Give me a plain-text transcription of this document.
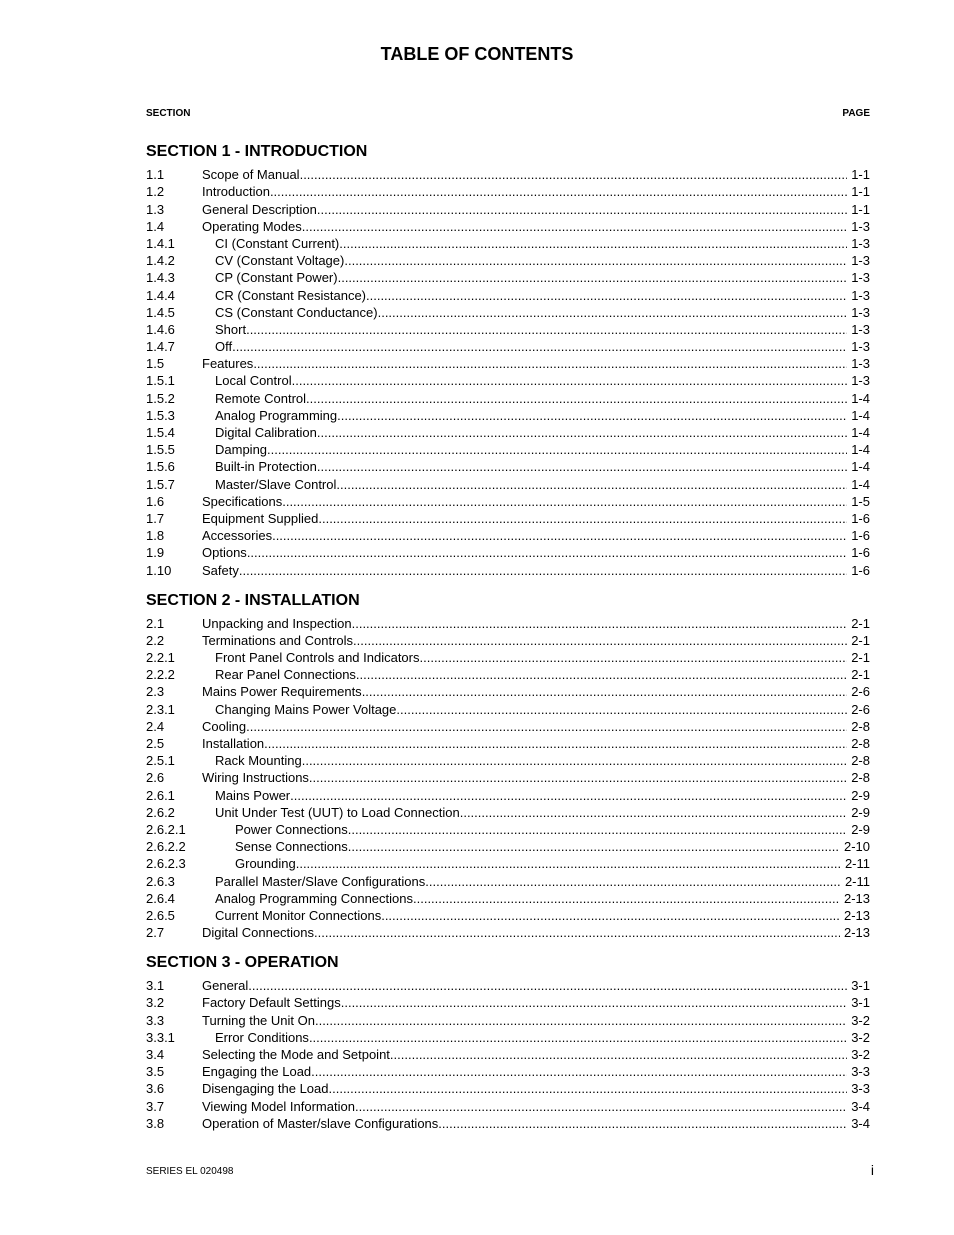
TABLE OF CONTENTS
SECTION	PAGE
SECTION 1 - INTRODUCTION
1.1	Scope of Manual .....	1-1
1.2	Introduction .....	1-1
1.3	General Description .....	1-1
1.4	Operating Modes .....	1-3
1.4.1	CI (Constant Current). .....	1-3
1.4.2	CV (Constant Voltage) .....	1-3
1.4.3	CP (Constant Power) .....	1-3
1.4.4	CR (Constant Resistance) .....	1-3
1.4.5	CS (Constant Conductance) .....	1-3
1.4.6	Short .....	1-3
1.4.7	Off .....	1-3
1.5	Features .....	1-3
1.5.1	Local Control .....	1-3
1.5.2	Remote Control .....	1-4
1.5.3	Analog Programming .....	1-4
1.5.4	Digital Calibration .....	1-4
1.5.5	Damping .....	1-4
1.5.6	Built-in Protection .....	1-4
1.5.7	Master/Slave Control .....	1-4
1.6	Specifications .....	1-5
1.7	Equipment Supplied .....	1-6
1.8	Accessories .....	1-6
1.9	Options .....	1-6
1.10	Safety .....	1-6
SECTION 2 - INSTALLATION
2.1	Unpacking and Inspection .....	2-1
2.2	Terminations and Controls .....	2-1
2.2.1	Front Panel Controls and Indicators. .....	2-1
2.2.2	Rear Panel Connections. .....	2-1
2.3	Mains Power Requirements .....	2-6
2.3.1	Changing Mains Power Voltage .....	2-6
2.4	Cooling .....	2-8
2.5	Installation .....	2-8
2.5.1	Rack Mounting .....	2-8
2.6	Wiring Instructions .....	2-8
2.6.1	Mains Power .....	2-9
2.6.2	Unit Under Test (UUT) to Load Connection .....	2-9
2.6.2.1	Power Connections .....	2-9
2.6.2.2	Sense Connections .....	2-10
2.6.2.3	Grounding .....	2-11
2.6.3	Parallel Master/Slave Configurations .....	2-11
2.6.4	Analog Programming Connections .....	2-13
2.6.5	Current Monitor Connections .....	2-13
2.7	Digital Connections .....	2-13
SECTION 3 - OPERATION
3.1	General .....	3-1
3.2	Factory Default Settings .....	3-1
3.3	Turning the Unit On .....	3-2
3.3.1	Error Conditions .....	3-2
3.4	Selecting the Mode and Setpoint .....	3-2
3.5	Engaging the Load .....	3-3
3.6	Disengaging the Load .....	3-3
3.7	Viewing Model Information .....	3-4
3.8	Operation of Master/slave Configurations. .....	3-4
SERIES EL 020498	i
